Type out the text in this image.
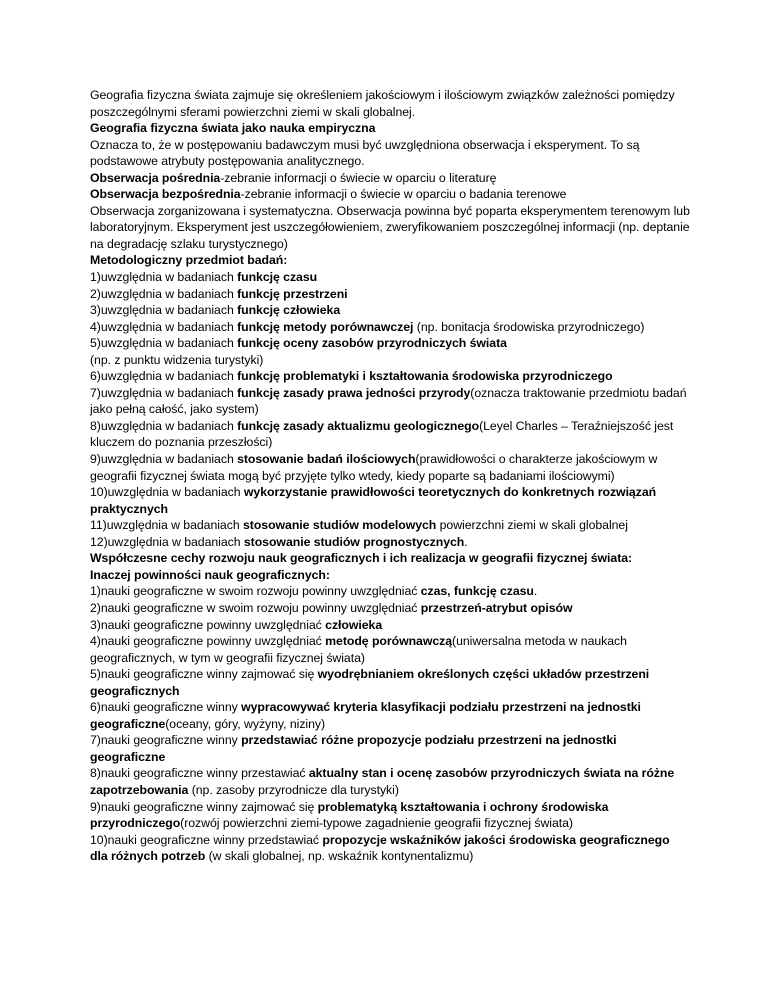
Geografia fizyczna świata zajmuje się określeniem jakościowym i ilościowym związków zależności pomiędzy poszczególnymi sferami powierzchni ziemi w skali globalnej.

Geografia fizyczna świata jako nauka empiryczna

Oznacza to, że w postępowaniu badawczym musi być uwzględniona obserwacja i eksperyment. To są podstawowe atrybuty postępowania analitycznego.

Obserwacja pośrednia-zebranie informacji o świecie w oparciu o literaturę

Obserwacja bezpośrednia-zebranie informacji o świecie w oparciu o badania terenowe

Obserwacja zorganizowana i systematyczna. Obserwacja powinna być poparta eksperymentem terenowym lub laboratoryjnym. Eksperyment jest uszczegółowieniem, zweryfikowaniem poszczególnej informacji (np. deptanie na degradację szlaku turystycznego)

Metodologiczny przedmiot badań:

1)uwzględnia w badaniach funkcję czasu

2)uwzględnia w badaniach funkcję przestrzeni

3)uwzględnia w badaniach funkcję człowieka

4)uwzględnia w badaniach funkcję metody porównawczej (np. bonitacja środowiska przyrodniczego)

5)uwzględnia w badaniach funkcję oceny zasobów przyrodniczych świata

(np. z punktu widzenia turystyki)

6)uwzględnia w badaniach funkcję problematyki i kształtowania środowiska przyrodniczego

7)uwzględnia w badaniach funkcję zasady prawa jedności przyrody(oznacza traktowanie przedmiotu badań jako pełną całość, jako system)

8)uwzględnia w badaniach funkcję zasady aktualizmu geologicznego(Leyel Charles – Teraźniejszość jest kluczem do poznania przeszłości)

9)uwzględnia w badaniach stosowanie badań ilościowych(prawidłowości o charakterze jakościowym w geografii fizycznej świata mogą być przyjęte tylko wtedy, kiedy poparte są badaniami ilościowymi)

10)uwzględnia w badaniach wykorzystanie prawidłowości teoretycznych do konkretnych rozwiązań praktycznych

11)uwzględnia w badaniach stosowanie studiów modelowych powierzchni ziemi w skali globalnej

12)uwzględnia w badaniach stosowanie studiów prognostycznych.

Współczesne cechy rozwoju nauk geograficznych i ich realizacja w geografii fizycznej świata:

Inaczej powinności nauk geograficznych:

1)nauki geograficzne w swoim rozwoju powinny uwzględniać czas, funkcję czasu.

2)nauki geograficzne w swoim rozwoju powinny uwzględniać przestrzeń-atrybut opisów

3)nauki geograficzne powinny uwzględniać człowieka

4)nauki geograficzne powinny uwzględniać metodę porównawczą(uniwersalna metoda w naukach geograficznych, w tym w geografii fizycznej świata)

5)nauki geograficzne winny zajmować się wyodrębnianiem określonych części układów przestrzeni geograficznych

6)nauki geograficzne winny wypracowywać kryteria klasyfikacji podziału przestrzeni na jednostki geograficzne(oceany, góry, wyżyny, niziny)

7)nauki geograficzne winny przedstawiać różne propozycje podziału przestrzeni na jednostki geograficzne

8)nauki geograficzne winny przestawiać aktualny stan i ocenę zasobów przyrodniczych świata na różne zapotrzebowania (np. zasoby przyrodnicze dla turystyki)

9)nauki geograficzne winny zajmować się problematyką kształtowania i ochrony środowiska przyrodniczego(rozwój powierzchni ziemi-typowe zagadnienie geografii fizycznej świata)

10)nauki geograficzne winny przedstawiać propozycje wskaźników jakości środowiska geograficznego dla różnych potrzeb (w skali globalnej, np. wskaźnik kontynentalizmu)
